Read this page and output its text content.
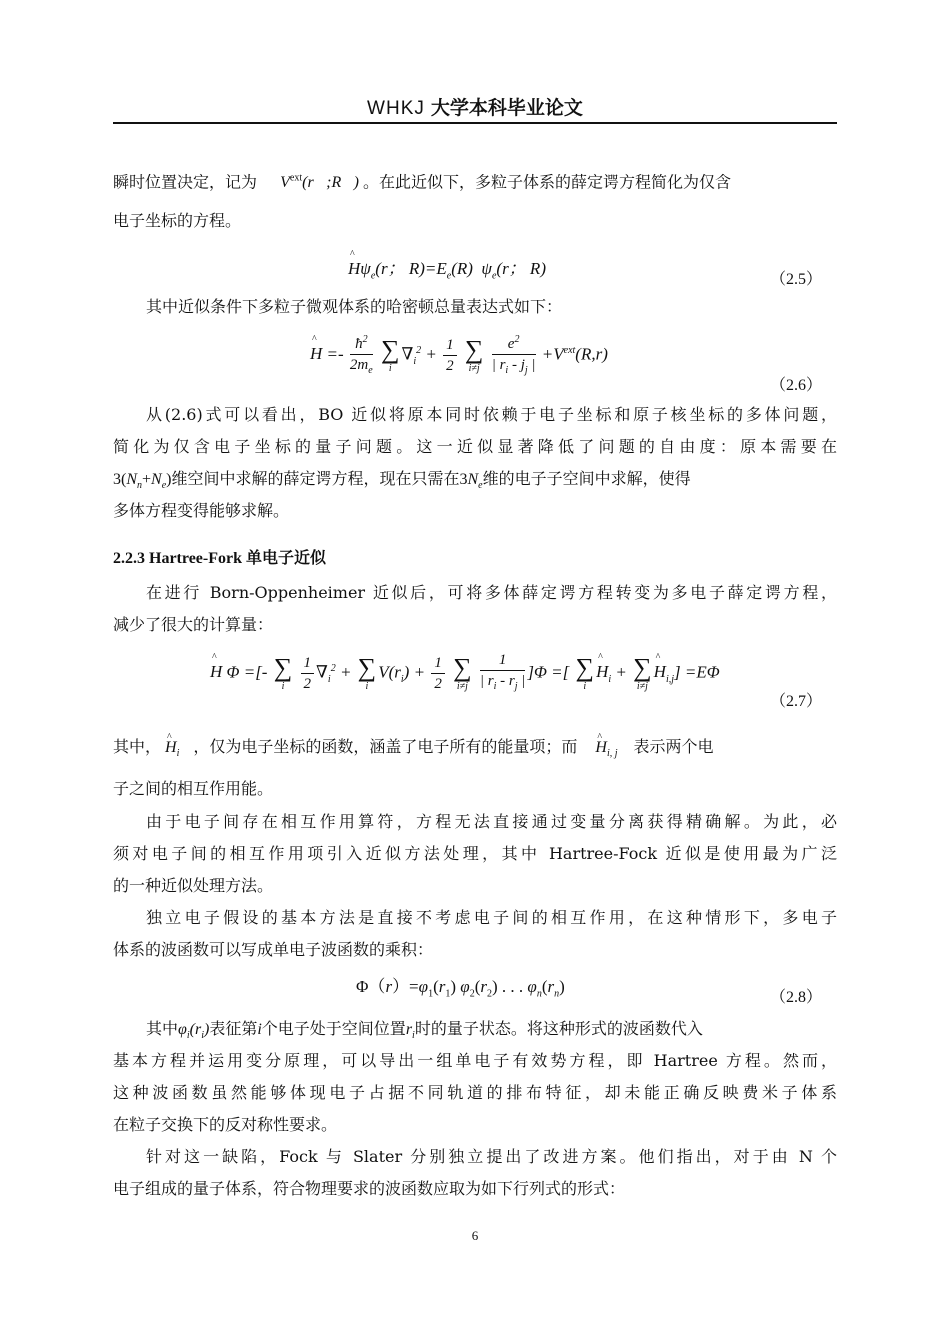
WHKJ 大学本科毕业论文
瞬时位置决定，记为 $V^{ext}(r⃗;R⃗)$ 。在此近似下，多粒子体系的薛定谔方程简化为仅含
电子坐标的方程。
^ $H\psi_e(r$； $R)=E_e(R)$  $\psi_e(r$； R)
（2.5）
其中近似条件下多粒子微观体系的哈密顿总量表达式如下：
^ $H =- \frac{ħ^2}{2m_e}$
∑
i
$\nabla_i^2 + \frac{1}{2}$
∑
i≠j
$\frac{e^2}{| r_i - j_j |} +V^{ext}(R,r)$
（2.6）
从(2.6)式可以看出，BO 近似将原本同时依赖于电子坐标和原子核坐标的多体问题，
简化为仅含电子坐标的量子问题。这一近似显著降低了问题的自由度：原本需要在
$3(N_n+N_e)$维空间中求解的薛定谔方程，现在只需在$3N_e$维的电子子空间中求解，使得
多体方程变得能够求解。
2.2.3 Hartree-Fork 单电子近似
在进行 Born-Oppenheimer 近似后，可将多体薛定谔方程转变为多电子薛定谔方程，
减少了很大的计算量：
^ H Φ =[- ∑
i
	$\frac{1}{2} \nabla_i^2$ + ∑
i
$V(r_i) + \frac{1}{2}$
∑
i≠j
$\frac{1}{| r_i - r_j |} ]\Phi$ =[ ∑
i
^ $H_i$ + ∑
i≠j
^ $H_{i,j}] =E\Phi$
（2.7）
其中， ^ $H_i$ ，仅为电子坐标的函数，涵盖了电子所有的能量项；而 ^ $H_{i, j}$ 表示两个电
子之间的相互作用能。
由于电子间存在相互作用算符，方程无法直接通过变量分离获得精确解。为此，必
须对电子间的相互作用项引入近似方法处理，其中 Hartree-Fock 近似是使用最为广泛
的一种近似处理方法。
独立电子假设的基本方法是直接不考虑电子间的相互作用，在这种情形下，多电子
体系的波函数可以写成单电子波函数的乘积：
$\Phi(r)=\varphi_1(r_1)$ $\varphi_2(r_2)$ . . . $\varphi_n(r_n)$
（2.8）
其中$\varphi_i(r_i)$表征第i个电子处于空间位置$r_i$时的量子状态。将这种形式的波函数代入
基本方程并运用变分原理，可以导出一组单电子有效势方程，即 Hartree 方程。然而，
这种波函数虽然能够体现电子占据不同轨道的排布特征，却未能正确反映费米子体系
在粒子交换下的反对称性要求。
针对这一缺陷，Fock 与 Slater 分别独立提出了改进方案。他们指出，对于由 N 个
电子组成的量子体系，符合物理要求的波函数应取为如下行列式的形式：
6
